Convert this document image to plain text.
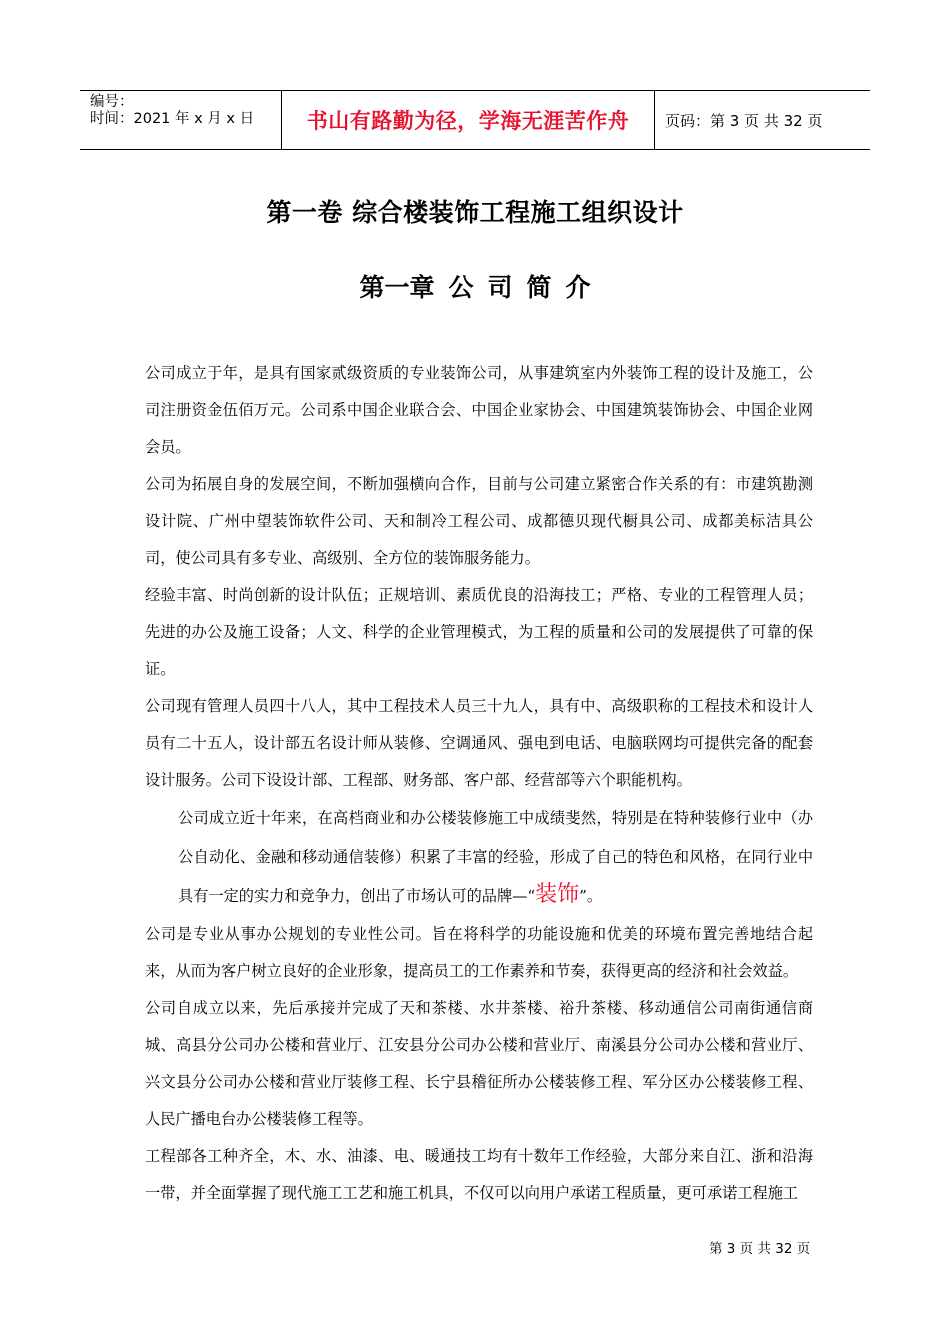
编号：
时间：2021 年 x 月 x 日	书山有路勤为径，学海无涯苦作舟	页码：第 3 页 共 32 页
第一卷 综合楼装饰工程施工组织设计
第一章 公 司 简 介

公司成立于年，是具有国家贰级资质的专业装饰公司，从事建筑室内外装饰工程的设计及施工，公司注册资金伍佰万元。公司系中国企业联合会、中国企业家协会、中国建筑装饰协会、中国企业网会员。

公司为拓展自身的发展空间，不断加强横向合作，目前与公司建立紧密合作关系的有：市建筑勘测设计院、广州中望装饰软件公司、天和制冷工程公司、成都德贝现代橱具公司、成都美标洁具公司，使公司具有多专业、高级别、全方位的装饰服务能力。

经验丰富、时尚创新的设计队伍；正规培训、素质优良的沿海技工；严格、专业的工程管理人员；先进的办公及施工设备；人文、科学的企业管理模式，为工程的质量和公司的发展提供了可靠的保证。

公司现有管理人员四十八人，其中工程技术人员三十九人，具有中、高级职称的工程技术和设计人员有二十五人，设计部五名设计师从装修、空调通风、强电到电话、电脑联网均可提供完备的配套设计服务。公司下设设计部、工程部、财务部、客户部、经营部等六个职能机构。

公司成立近十年来，在高档商业和办公楼装修施工中成绩斐然，特别是在特种装修行业中（办公自动化、金融和移动通信装修）积累了丰富的经验，形成了自己的特色和风格，在同行业中具有一定的实力和竞争力，创出了市场认可的品牌—“装饰”。

公司是专业从事办公规划的专业性公司。旨在将科学的功能设施和优美的环境布置完善地结合起来，从而为客户树立良好的企业形象，提高员工的工作素养和节奏，获得更高的经济和社会效益。

公司自成立以来，先后承接并完成了天和茶楼、水井茶楼、裕升茶楼、移动通信公司南街通信商城、高县分公司办公楼和营业厅、江安县分公司办公楼和营业厅、南溪县分公司办公楼和营业厅、兴文县分公司办公楼和营业厅装修工程、长宁县稽征所办公楼装修工程、军分区办公楼装修工程、人民广播电台办公楼装修工程等。

工程部各工种齐全，木、水、油漆、电、暖通技工均有十数年工作经验，大部分来自江、浙和沿海一带，并全面掌握了现代施工工艺和施工机具，不仅可以向用户承诺工程质量，更可承诺工程施工

第 3 页 共 32 页
